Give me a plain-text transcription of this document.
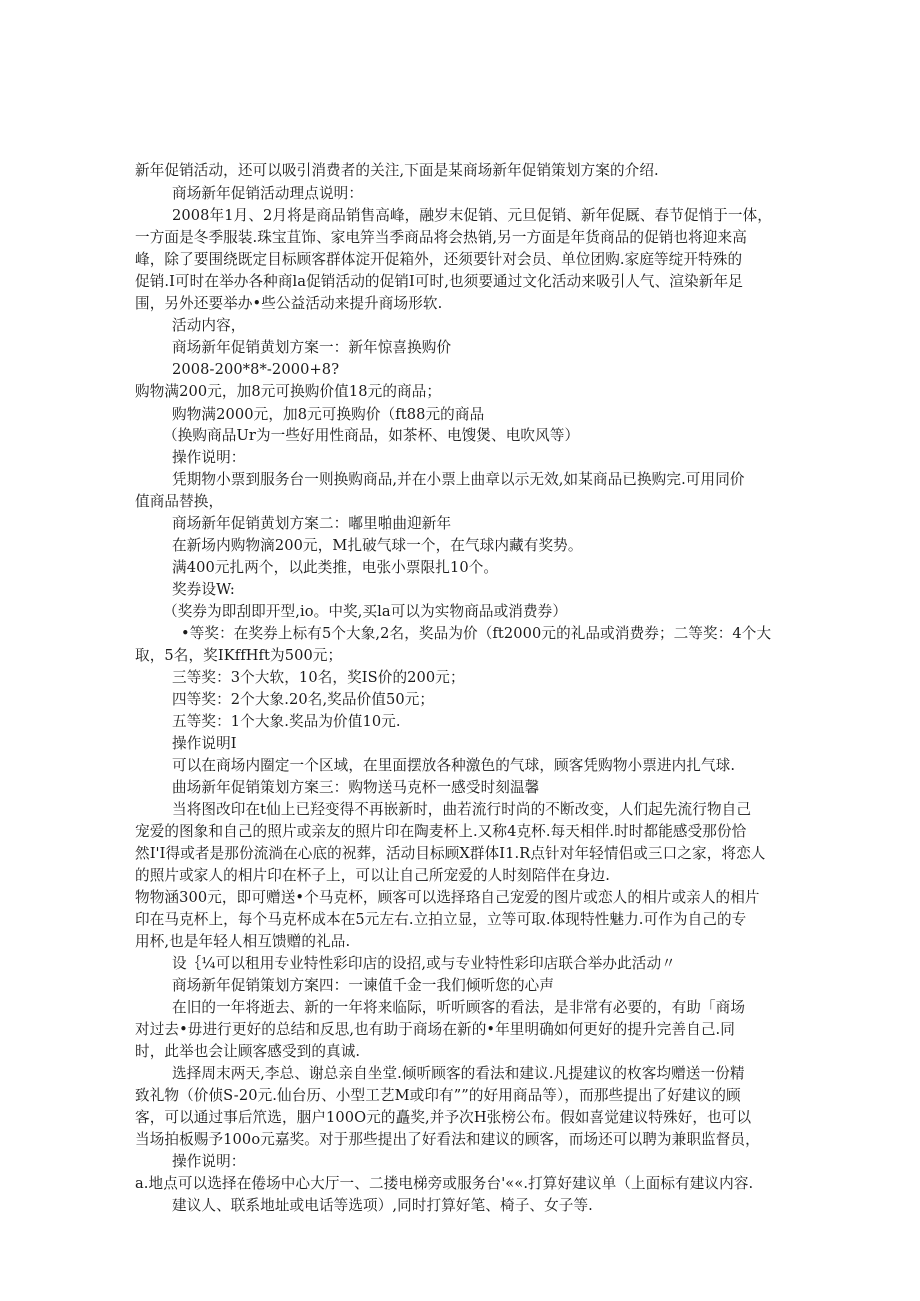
新年促销活动，还可以吸引消费者的关注,下面是某商场新年促销策划方案的介绍.
商场新年促销活动理点说明：
2008年1月、2月将是商品销售高峰，融岁末促销、元旦促销、新年促厩、春节促悄于一体，
一方面是冬季服装.珠宝苴饰、家电笄当季商品将会热销,另一方面是年货商品的促销也将迎来高
峰，除了要围绕既定目标顾客群体淀开促箱外，还须要针对会员、单位团购.家庭等绽开特殊的
促销.I可时在举办各种商la促销活动的促销I可时,也须要通过文化活动来吸引人气、渲染新年足
围，另外还要举办•些公益活动来提升商场形软.
活动内容，
商场新年促销黄划方案一：新年惊喜换购价
2008-200*8*-2000+8?
购物满200元，加8元可换购价值18元的商品；
购物满2000元，加8元可换购价（ft88元的商品
（换购商品Ur为一些好用性商品，如茶杯、电馊煲、电吹风等）
操作说明：
凭期物小票到服务台一则换购商品,并在小票上曲章以示无效,如某商品已换购完.可用同价
值商品替换，
商场新年促销黄划方案二：嘟里啪曲迎新年
在新场内购物滴200元，M扎破气球一个，在气球内藏有奖势。
满400元扎两个，以此类推，电张小票限扎10个。
奖券设W:
（奖券为即刮即开型,io。中奖,买la可以为实物商品或消费券）
•等奖：在奖券上标有5个大象,2名，奖品为价（ft2000元的礼品或消费券；二等奖：4个大
取，5名，奖IKffHft为500元；
三等奖：3个大软，10名，奖IS价的200元；
四等奖：2个大象.20名,奖品价值50元；
五等奖：1个大象.奖品为价值10元.
操作说明I
可以在商场内圈定一个区域，在里面摆放各种激色的气球，顾客凭购物小票进内扎气球.
曲场新年促销策划方案三：购物送马克杯一感受时刻温馨
当将图改印在t仙上已羟变得不再嵌新时，曲若流行时尚的不断改变，人们起先流行物自己
宠爱的图象和自己的照片或亲友的照片印在陶麦杯上.又称4克杯.每天相伴.时时都能感受那份恰
然I'I得或者是那份流淌在心底的祝葬，活动目标顾X群体I1.R点针对年轻情侣或三口之家，将恋人
的照片或家人的相片印在杯子上，可以让自己所宠爱的人时刻陪伴在身边.
物物涵300元，即可赠送•个马克杯，顾客可以选择珞自己宠爱的图片或恋人的相片或亲人的相片
印在马克杯上，每个马克杯成本在5元左右.立拍立显，立等可取.体现特性魅力.可作为自己的专
用杯,也是年轻人相互馈赠的礼品.
设｛¼可以租用专业特性彩印店的设招,或与专业特性彩印店联合举办此活动〃
商场新年促销策划方案四：一谏值千金一我们倾听您的心声
在旧的一年将逝去、新的一年将来临际，听听顾客的看法，是非常有必要的，有助「商场
对过去•毋进行更好的总结和反思,也有助于商场在新的•年里明确如何更好的提升完善自己.同
时，此举也会让顾客感受到的真诚.
选择周末两天,李总、谢总亲自坐堂.倾听顾客的看法和建议.凡提建议的枚客均赠送一份精
致礼物（价侦S-20元.仙台历、小型工艺M或印有””的好用商品等），而那些提出了好建议的顾
客，可以通过事后笊选，胭户100O元的矗奖,并予次H张榜公布。假如喜觉建议特殊好，也可以
当场拍板赐予100o元嘉奖。对于那些提出了好看法和建议的顾客，而场还可以聘为兼职监督员，
操作说明：
a.地点可以选择在倦场中心大厅一、二搂电梯旁或服务台'««.打算好建议单（上面标有建议内容.
建议人、联系地址或电话等选项）,同时打算好笔、椅子、女子等.
